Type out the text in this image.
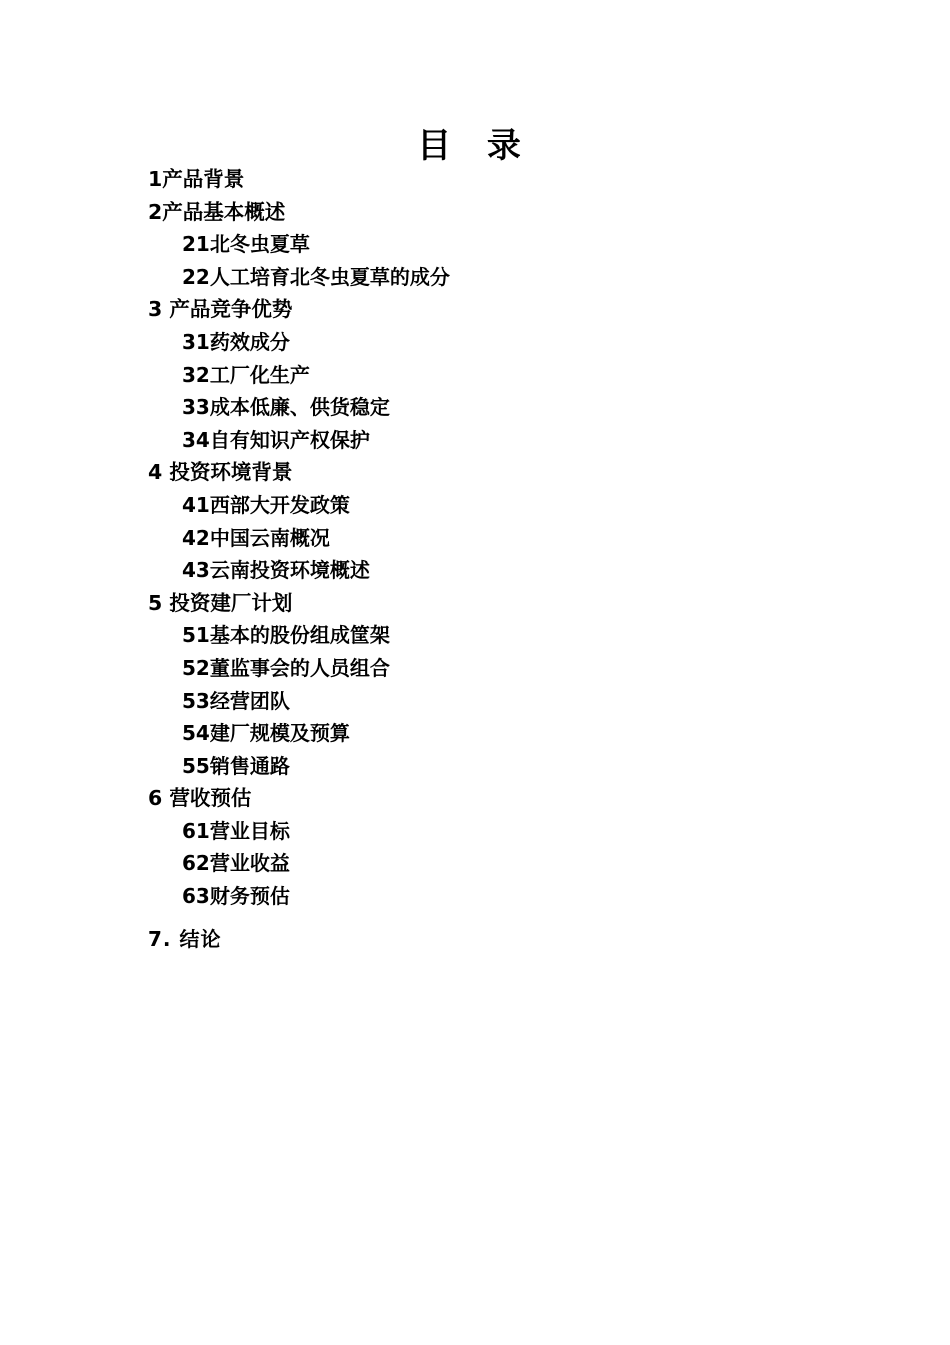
目 录
1产品背景
2产品基本概述
21北冬虫夏草
22人工培育北冬虫夏草的成分
3 产品竞争优势
31药效成分
32工厂化生产
33成本低廉、供货稳定
34自有知识产权保护
4 投资环境背景
41西部大开发政策
42中国云南概况
43云南投资环境概述
5 投资建厂计划
51基本的股份组成筐架
52董监事会的人员组合
53经营团队
54建厂规模及预算
55销售通路
6 营收预估
61营业目标
62营业收益
63财务预估
7. 结论
